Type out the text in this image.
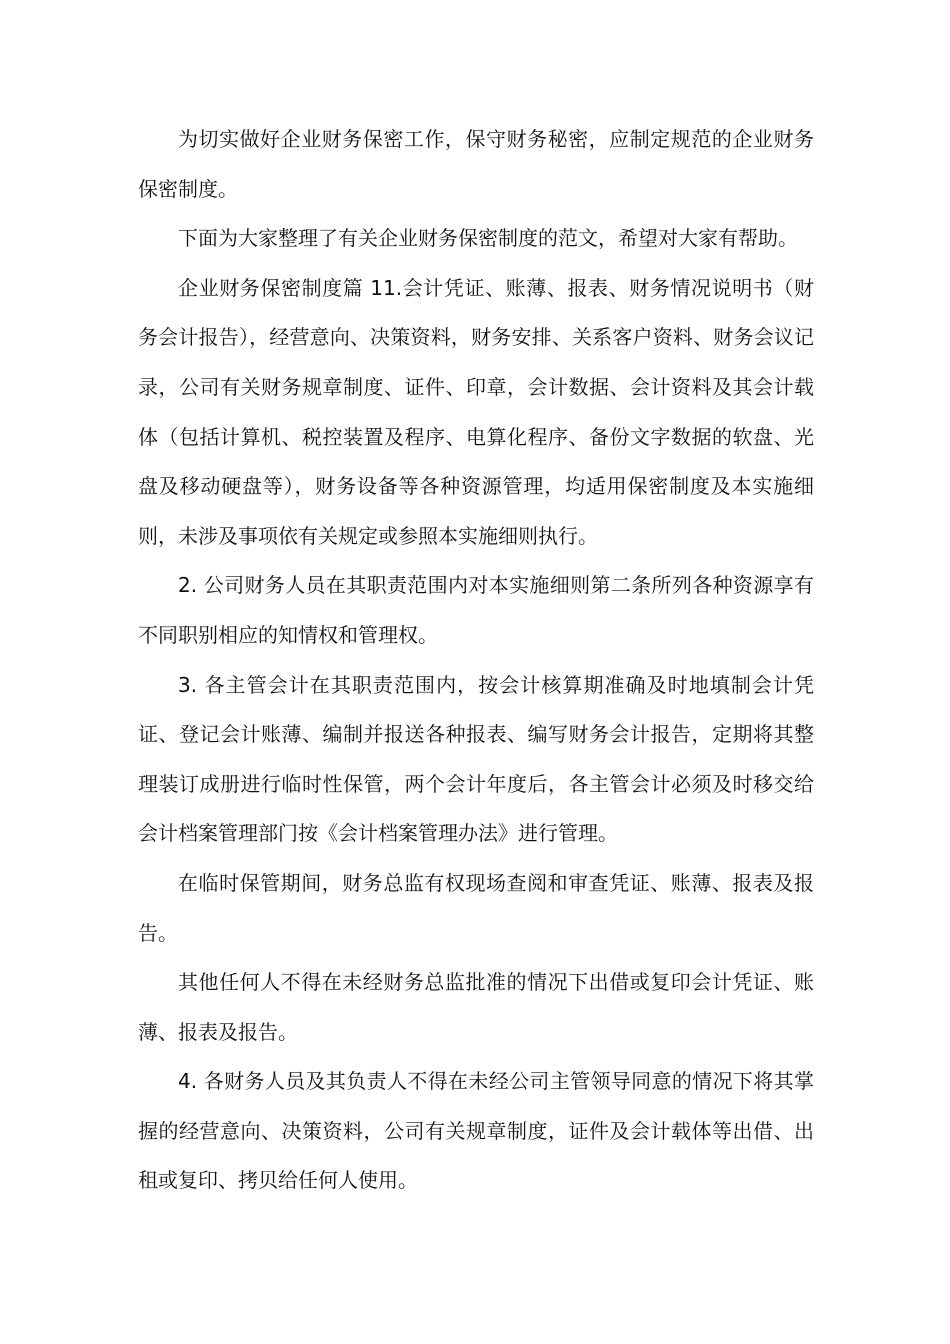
为切实做好企业财务保密工作，保守财务秘密，应制定规范的企业财务保密制度。

下面为大家整理了有关企业财务保密制度的范文，希望对大家有帮助。

企业财务保密制度篇 11.会计凭证、账薄、报表、财务情况说明书（财务会计报告），经营意向、决策资料，财务安排、关系客户资料、财务会议记录，公司有关财务规章制度、证件、印章，会计数据、会计资料及其会计载体（包括计算机、税控装置及程序、电算化程序、备份文字数据的软盘、光盘及移动硬盘等），财务设备等各种资源管理，均适用保密制度及本实施细则，未涉及事项依有关规定或参照本实施细则执行。

2. 公司财务人员在其职责范围内对本实施细则第二条所列各种资源享有不同职别相应的知情权和管理权。

3. 各主管会计在其职责范围内，按会计核算期准确及时地填制会计凭证、登记会计账薄、编制并报送各种报表、编写财务会计报告，定期将其整理装订成册进行临时性保管，两个会计年度后，各主管会计必须及时移交给会计档案管理部门按《会计档案管理办法》进行管理。

在临时保管期间，财务总监有权现场查阅和审查凭证、账薄、报表及报告。

其他任何人不得在未经财务总监批准的情况下出借或复印会计凭证、账薄、报表及报告。

4. 各财务人员及其负责人不得在未经公司主管领导同意的情况下将其掌握的经营意向、决策资料，公司有关规章制度，证件及会计载体等出借、出租或复印、拷贝给任何人使用。
